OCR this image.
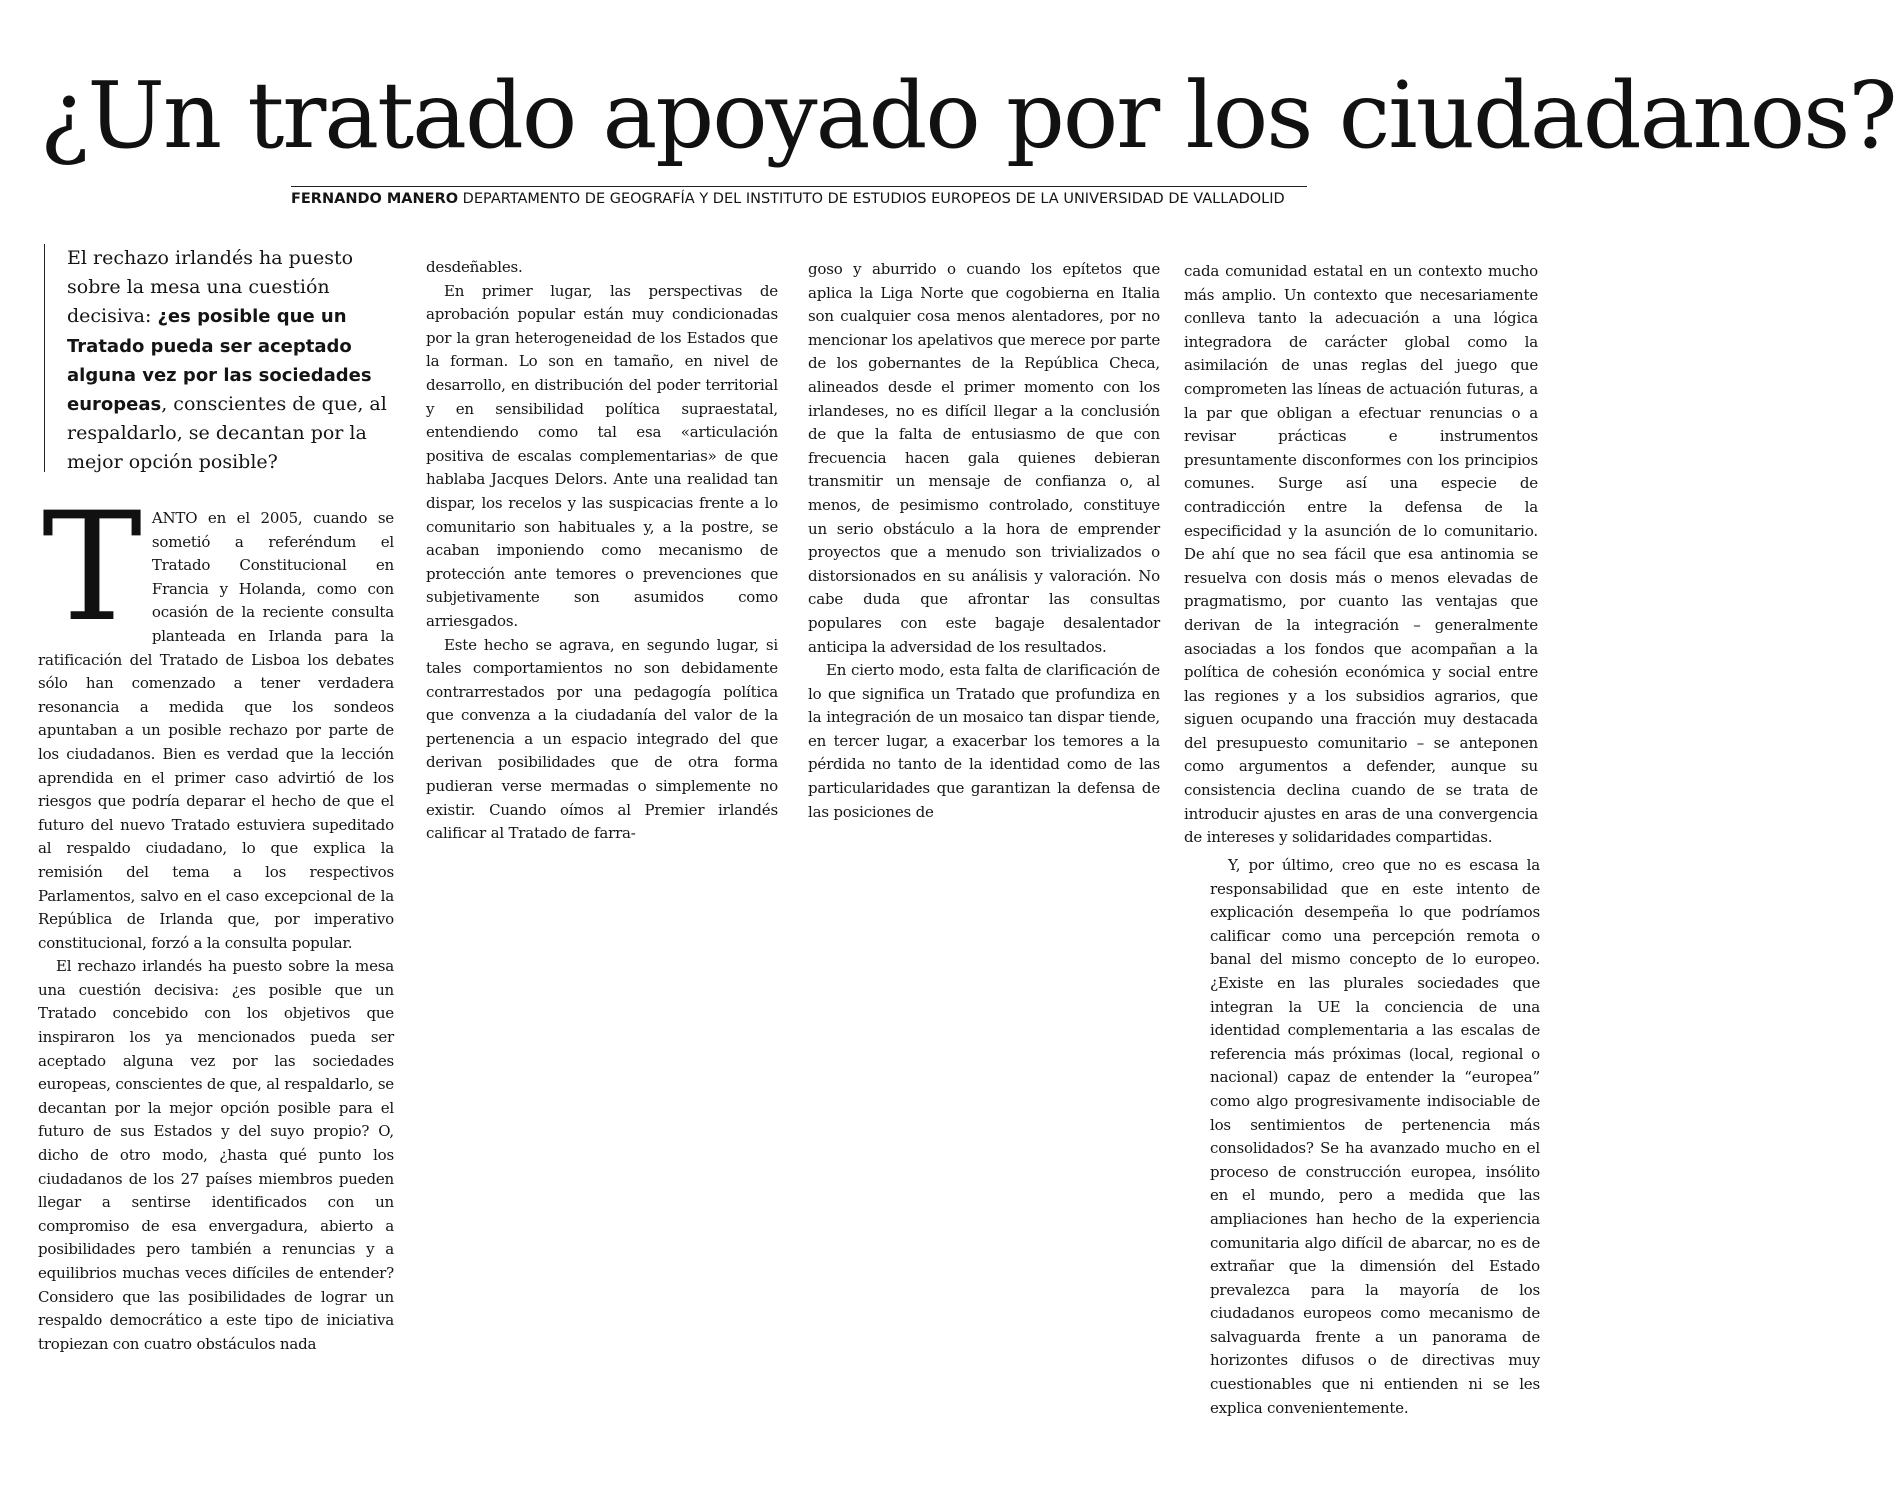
¿Un tratado apoyado por los ciudadanos?
FERNANDO MANERO DEPARTAMENTO DE GEOGRAFÍA Y DEL INSTITUTO DE ESTUDIOS EUROPEOS DE LA UNIVERSIDAD DE VALLADOLID
El rechazo irlandés ha puesto sobre la mesa una cuestión decisiva: ¿es posible que un Tratado pueda ser aceptado alguna vez por las sociedades europeas, conscientes de que, al respaldarlo, se decantan por la mejor opción posible?

TANTO en el 2005, cuando se sometió a referéndum el Tratado Constitucional en Francia y Holanda, como con ocasión de la reciente consulta planteada en Irlanda para la ratificación del Tratado de Lisboa los debates sólo han comenzado a tener verdadera resonancia a medida que los sondeos apuntaban a un posible rechazo por parte de los ciudadanos. Bien es verdad que la lección aprendida en el primer caso advirtió de los riesgos que podría deparar el hecho de que el futuro del nuevo Tratado estuviera supeditado al respaldo ciudadano, lo que explica la remisión del tema a los respectivos Parlamentos, salvo en el caso excepcional de la República de Irlanda que, por imperativo constitucional, forzó a la consulta popular.

El rechazo irlandés ha puesto sobre la mesa una cuestión decisiva: ¿es posible que un Tratado concebido con los objetivos que inspiraron los ya mencionados pueda ser aceptado alguna vez por las sociedades europeas, conscientes de que, al respaldarlo, se decantan por la mejor opción posible para el futuro de sus Estados y del suyo propio? O, dicho de otro modo, ¿hasta qué punto los ciudadanos de los 27 países miembros pueden llegar a sentirse identificados con un compromiso de esa envergadura, abierto a posibilidades pero también a renuncias y a equilibrios muchas veces difíciles de entender? Considero que las posibilidades de lograr un respaldo democrático a este tipo de iniciativa tropiezan con cuatro obstáculos nada

desdeñables.

En primer lugar, las perspectivas de aprobación popular están muy condicionadas por la gran heterogeneidad de los Estados que la forman. Lo son en tamaño, en nivel de desarrollo, en distribución del poder territorial y en sensibilidad política supraestatal, entendiendo como tal esa «articulación positiva de escalas complementarias» de que hablaba Jacques Delors. Ante una realidad tan dispar, los recelos y las suspicacias frente a lo comunitario son habituales y, a la postre, se acaban imponiendo como mecanismo de protección ante temores o prevenciones que subjetivamente son asumidos como arriesgados.

Este hecho se agrava, en segundo lugar, si tales comportamientos no son debidamente contrarrestados por una pedagogía política que convenza a la ciudadanía del valor de la pertenencia a un espacio integrado del que derivan posibilidades que de otra forma pudieran verse mermadas o simplemente no existir. Cuando oímos al Premier irlandés calificar al Tratado de farra-

goso y aburrido o cuando los epítetos que aplica la Liga Norte que cogobierna en Italia son cualquier cosa menos alentadores, por no mencionar los apelativos que merece por parte de los gobernantes de la República Checa, alineados desde el primer momento con los irlandeses, no es difícil llegar a la conclusión de que la falta de entusiasmo de que con frecuencia hacen gala quienes debieran transmitir un mensaje de confianza o, al menos, de pesimismo controlado, constituye un serio obstáculo a la hora de emprender proyectos que a menudo son trivializados o distorsionados en su análisis y valoración. No cabe duda que afrontar las consultas populares con este bagaje desalentador anticipa la adversidad de los resultados.

En cierto modo, esta falta de clarificación de lo que significa un Tratado que profundiza en la integración de un mosaico tan dispar tiende, en tercer lugar, a exacerbar los temores a la pérdida no tanto de la identidad como de las particularidades que garantizan la defensa de las posiciones de

cada comunidad estatal en un contexto mucho más amplio. Un contexto que necesariamente conlleva tanto la adecuación a una lógica integradora de carácter global como la asimilación de unas reglas del juego que comprometen las líneas de actuación futuras, a la par que obligan a efectuar renuncias o a revisar prácticas e instrumentos presuntamente disconformes con los principios comunes. Surge así una especie de contradicción entre la defensa de la especificidad y la asunción de lo comunitario. De ahí que no sea fácil que esa antinomia se resuelva con dosis más o menos elevadas de pragmatismo, por cuanto las ventajas que derivan de la integración – generalmente asociadas a los fondos que acompañan a la política de cohesión económica y social entre las regiones y a los subsidios agrarios, que siguen ocupando una fracción muy destacada del presupuesto comunitario – se anteponen como argumentos a defender, aunque su consistencia declina cuando de se trata de introducir ajustes en aras de una convergencia de intereses y solidaridades compartidas.

Y, por último, creo que no es escasa la responsabilidad que en este intento de explicación desempeña lo que podríamos calificar como una percepción remota o banal del mismo concepto de lo europeo. ¿Existe en las plurales sociedades que integran la UE la conciencia de una identidad complementaria a las escalas de referencia más próximas (local, regional o nacional) capaz de entender la “europea” como algo progresivamente indisociable de los sentimientos de pertenencia más consolidados? Se ha avanzado mucho en el proceso de construcción europea, insólito en el mundo, pero a medida que las ampliaciones han hecho de la experiencia comunitaria algo difícil de abarcar, no es de extrañar que la dimensión del Estado prevalezca para la mayoría de los ciudadanos europeos como mecanismo de salvaguarda frente a un panorama de horizontes difusos o de directivas muy cuestionables que ni entienden ni se les explica convenientemente.
